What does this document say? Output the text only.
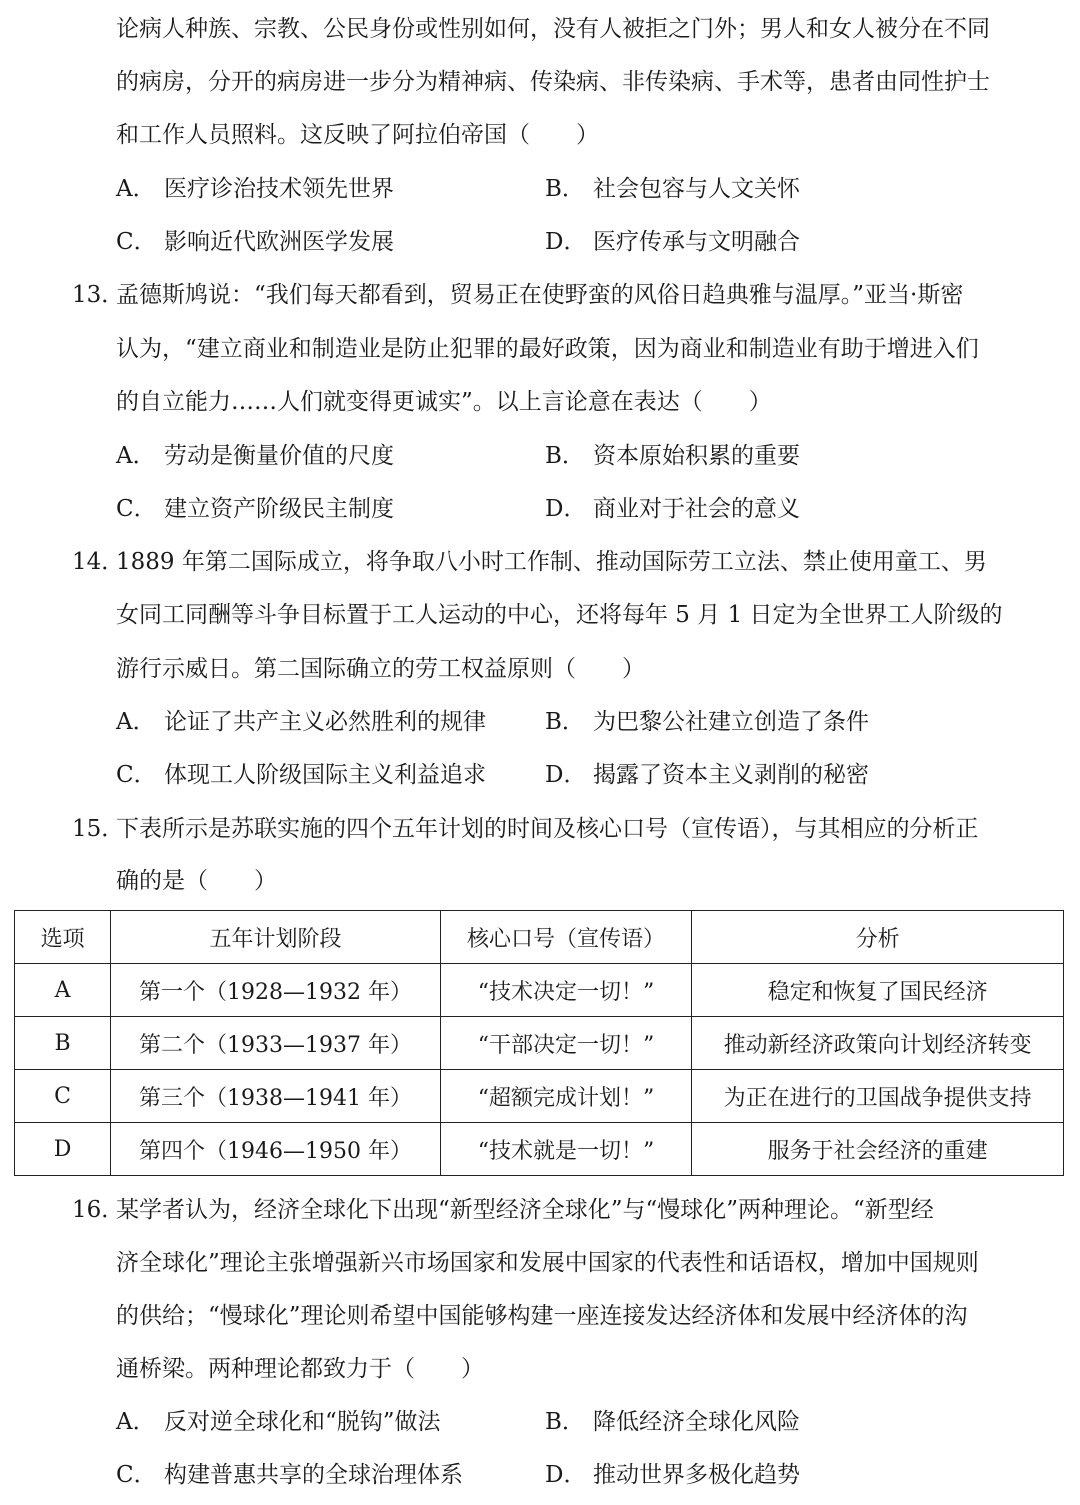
论病人种族、宗教、公民身份或性别如何，没有人被拒之门外；男人和女人被分在不同
的病房，分开的病房进一步分为精神病、传染病、非传染病、手术等，患者由同性护士
和工作人员照料。这反映了阿拉伯帝国（　　）
A． 医疗诊治技术领先世界	B． 社会包容与人文关怀
C． 影响近代欧洲医学发展	D． 医疗传承与文明融合
13．孟德斯鸠说：“我们每天都看到，贸易正在使野蛮的风俗日趋典雅与温厚。”亚当·斯密
认为，“建立商业和制造业是防止犯罪的最好政策，因为商业和制造业有助于增进入们
的自立能力……人们就变得更诚实”。以上言论意在表达（　　）
A． 劳动是衡量价值的尺度	B． 资本原始积累的重要
C． 建立资产阶级民主制度	D． 商业对于社会的意义
14．1889 年第二国际成立，将争取八小时工作制、推动国际劳工立法、禁止使用童工、男
女同工同酬等斗争目标置于工人运动的中心，还将每年 5 月 1 日定为全世界工人阶级的
游行示威日。第二国际确立的劳工权益原则（　　）
A． 论证了共产主义必然胜利的规律	B． 为巴黎公社建立创造了条件
C． 体现工人阶级国际主义利益追求	D． 揭露了资本主义剥削的秘密
15．下表所示是苏联实施的四个五年计划的时间及核心口号（宣传语），与其相应的分析正
确的是（　　）
选项	五年计划阶段	核心口号（宣传语）	分析
A	第一个（1928—1932 年）	“技术决定一切！”	稳定和恢复了国民经济
B	第二个（1933—1937 年）	“干部决定一切！”	推动新经济政策向计划经济转变
C	第三个（1938—1941 年）	“超额完成计划！”	为正在进行的卫国战争提供支持
D	第四个（1946—1950 年）	“技术就是一切！”	服务于社会经济的重建
16．某学者认为，经济全球化下出现“新型经济全球化”与“慢球化”两种理论。“新型经
济全球化”理论主张增强新兴市场国家和发展中国家的代表性和话语权，增加中国规则
的供给；“慢球化”理论则希望中国能够构建一座连接发达经济体和发展中经济体的沟
通桥梁。两种理论都致力于（　　）
A． 反对逆全球化和“脱钩”做法	B． 降低经济全球化风险
C． 构建普惠共享的全球治理体系	D． 推动世界多极化趋势
